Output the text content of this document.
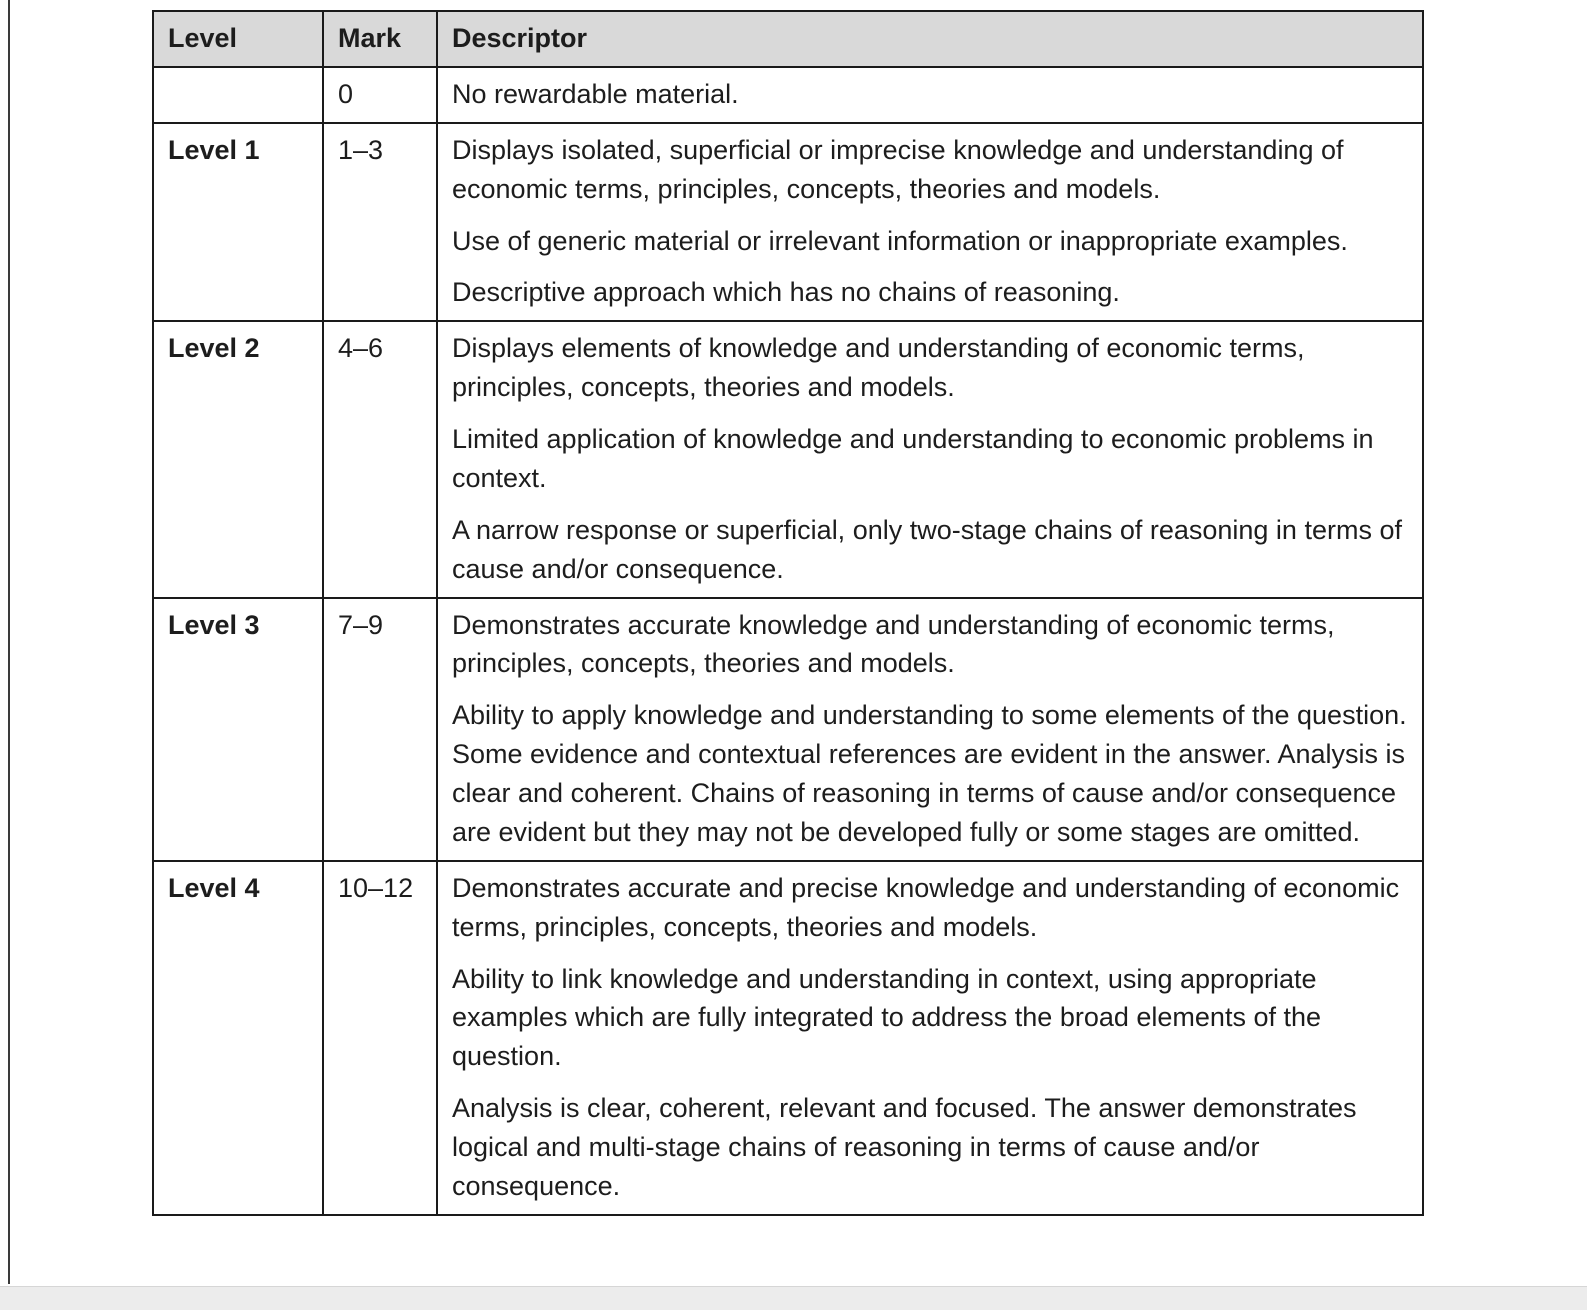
Level	Mark	Descriptor
	0	No rewardable material.

Level 1	1–3	Displays isolated, superficial or imprecise knowledge and understanding of economic terms, principles, concepts, theories and models.

Use of generic material or irrelevant information or inappropriate examples.

Descriptive approach which has no chains of reasoning.

Level 2	4–6	Displays elements of knowledge and understanding of economic terms, principles, concepts, theories and models.

Limited application of knowledge and understanding to economic problems in context.

A narrow response or superficial, only two-stage chains of reasoning in terms of cause and/or consequence.

Level 3	7–9	Demonstrates accurate knowledge and understanding of economic terms, principles, concepts, theories and models.

Ability to apply knowledge and understanding to some elements of the question. Some evidence and contextual references are evident in the answer. Analysis is clear and coherent. Chains of reasoning in terms of cause and/or consequence are evident but they may not be developed fully or some stages are omitted.

Level 4	10–12	Demonstrates accurate and precise knowledge and understanding of economic terms, principles, concepts, theories and models.

Ability to link knowledge and understanding in context, using appropriate examples which are fully integrated to address the broad elements of the question.

Analysis is clear, coherent, relevant and focused. The answer demonstrates logical and multi-stage chains of reasoning in terms of cause and/or consequence.
